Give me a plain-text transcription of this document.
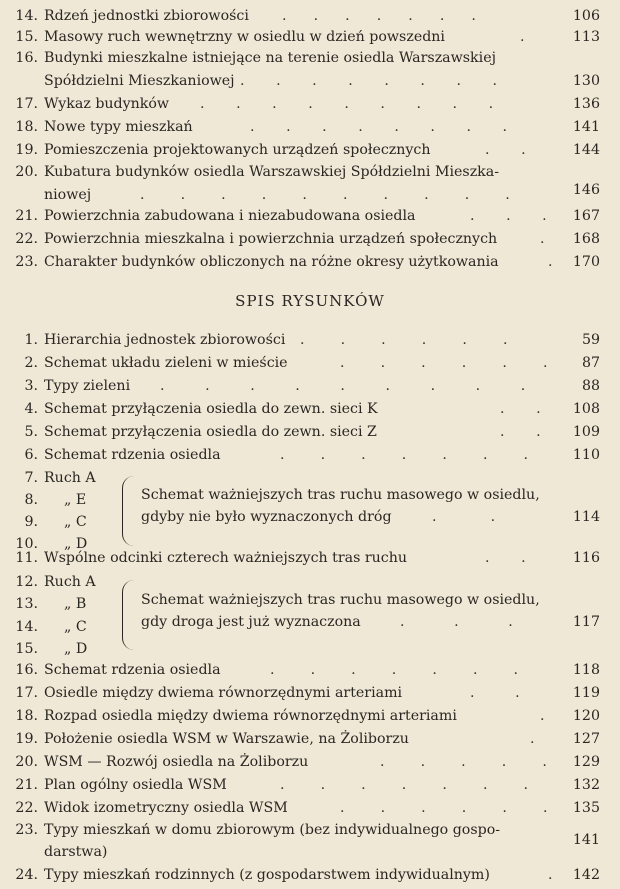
14. Rdzeń jednostki zbiorowości .      .      .      .      .      .      .	106
15. Masowy ruch wewnętrzny w osiedlu w dzień powszedni	.	113
16. Budynki mieszkalne istniejące na terenie osiedla Warszawskiej
Spółdzielni Mieszkaniowej .       .       .       .       .       .       .       .	130
17. Wykaz budynków .       .       .       .       .       .       .       .       .	136
18. Nowe typy mieszkań	.       .       .       .       .       .       .       .	141
19. Pomieszczenia projektowanych urządzeń społecznych	.       .	144
20. Kubatura budynków osiedla Warszawskiej Spółdzielni Mieszka-
niowej	.        .        .        .        .        .        .        .        .        .	146
21. Powierzchnia zabudowana i niezabudowana osiedla	.       .       . 167
22. Powierzchnia mieszkalna i powierzchnia urządzeń społecznych	. 168
23. Charakter budynków obliczonych na różne okresy użytkowania	. 170
SPIS RYSUNKÓW
1. Hierarchia jednostek zbiorowości .        .        .        .        .        .	59
2. Schemat układu zieleni w mieście	.        .        .        .        .        . 87
3. Typy zieleni .         .         .         .         .         .         .         .         .	88
4. Schemat przyłączenia osiedla do zewn. sieci K	.       . 108
5. Schemat przyłączenia osiedla do zewn. sieci Z	.       . 109
6. Schemat rdzenia osiedla	.        .        .        .        .        .        .	110
7. Ruch A
8. „ E
9. „ C
10. „ D
Schemat ważniejszych tras ruchu masowego w osiedlu,
gdyby nie było wyznaczonych dróg	.            .	114
11. Wspólne odcinki czterech ważniejszych tras ruchu	.       .	116
12. Ruch A
13. „ B
14. „ C
15. „ D
Schemat ważniejszych tras ruchu masowego w osiedlu,
gdy droga jest już wyznaczona	.           .           .	117
16. Schemat rdzenia osiedla	.        .        .        .        .        .        .	118
17. Osiedle między dwiema równorzędnymi arteriami	.         .	119
18. Rozpad osiedla między dwiema równorzędnymi arteriami	. 120
19. Położenie osiedla WSM w Warszawie, na Żoliborzu	.	127
20. WSM — Rozwój osiedla na Żoliborzu	.        .        .        .        . 129
21. Plan ogólny osiedla WSM	.        .        .        .        .        .        .	132
22. Widok izometryczny osiedla WSM	.        .        .        .        .        . 135
23. Typy mieszkań w domu zbiorowym (bez indywidualnego gospo-
darstwa)
141
24. Typy mieszkań rodzinnych (z gospodarstwem indywidualnym)	. 142
